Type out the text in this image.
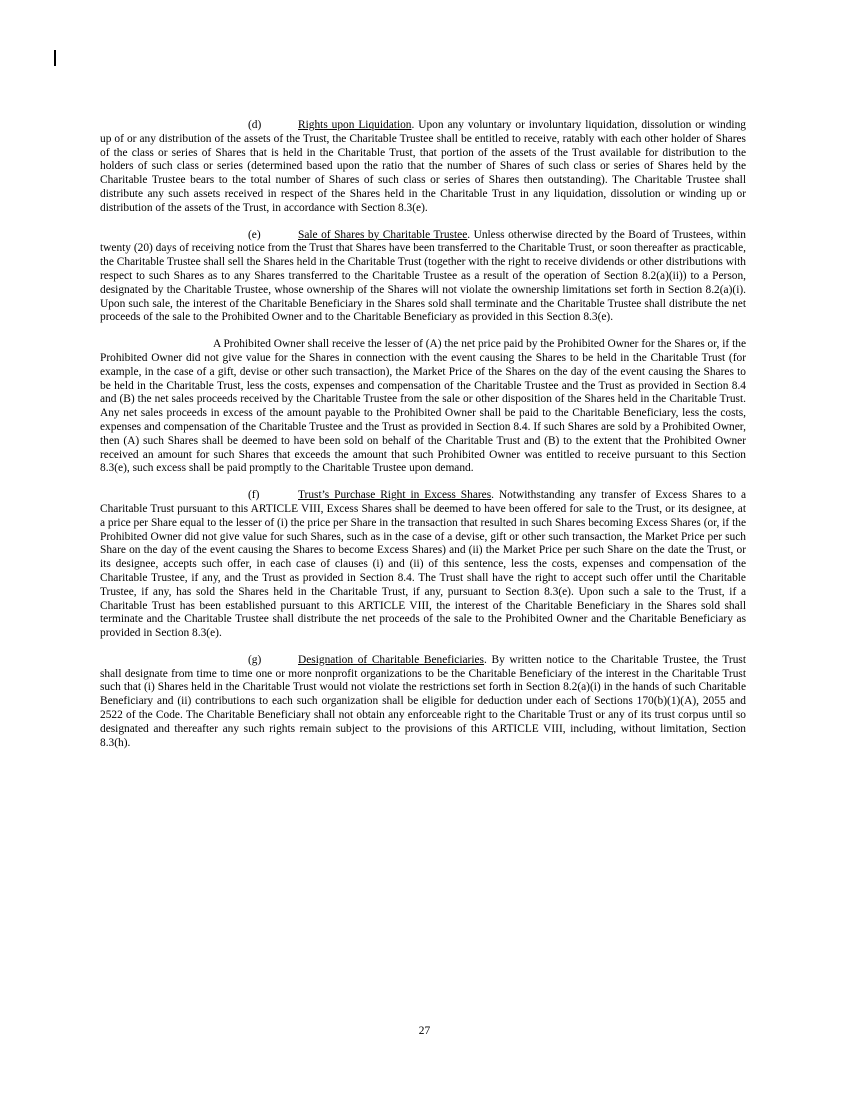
(d)	Rights upon Liquidation. Upon any voluntary or involuntary liquidation, dissolution or winding up of or any distribution of the assets of the Trust, the Charitable Trustee shall be entitled to receive, ratably with each other holder of Shares of the class or series of Shares that is held in the Charitable Trust, that portion of the assets of the Trust available for distribution to the holders of such class or series (determined based upon the ratio that the number of Shares of such class or series of Shares held by the Charitable Trustee bears to the total number of Shares of such class or series of Shares then outstanding). The Charitable Trustee shall distribute any such assets received in respect of the Shares held in the Charitable Trust in any liquidation, dissolution or winding up or distribution of the assets of the Trust, in accordance with Section 8.3(e).

(e)	Sale of Shares by Charitable Trustee. Unless otherwise directed by the Board of Trustees, within twenty (20) days of receiving notice from the Trust that Shares have been transferred to the Charitable Trust, or soon thereafter as practicable, the Charitable Trustee shall sell the Shares held in the Charitable Trust (together with the right to receive dividends or other distributions with respect to such Shares as to any Shares transferred to the Charitable Trustee as a result of the operation of Section 8.2(a)(ii)) to a Person, designated by the Charitable Trustee, whose ownership of the Shares will not violate the ownership limitations set forth in Section 8.2(a)(i). Upon such sale, the interest of the Charitable Beneficiary in the Shares sold shall terminate and the Charitable Trustee shall distribute the net proceeds of the sale to the Prohibited Owner and to the Charitable Beneficiary as provided in this Section 8.3(e).

A Prohibited Owner shall receive the lesser of (A) the net price paid by the Prohibited Owner for the Shares or, if the Prohibited Owner did not give value for the Shares in connection with the event causing the Shares to be held in the Charitable Trust (for example, in the case of a gift, devise or other such transaction), the Market Price of the Shares on the day of the event causing the Shares to be held in the Charitable Trust, less the costs, expenses and compensation of the Charitable Trustee and the Trust as provided in Section 8.4 and (B) the net sales proceeds received by the Charitable Trustee from the sale or other disposition of the Shares held in the Charitable Trust. Any net sales proceeds in excess of the amount payable to the Prohibited Owner shall be paid to the Charitable Beneficiary, less the costs, expenses and compensation of the Charitable Trustee and the Trust as provided in Section 8.4. If such Shares are sold by a Prohibited Owner, then (A) such Shares shall be deemed to have been sold on behalf of the Charitable Trust and (B) to the extent that the Prohibited Owner received an amount for such Shares that exceeds the amount that such Prohibited Owner was entitled to receive pursuant to this Section 8.3(e), such excess shall be paid promptly to the Charitable Trustee upon demand.

(f)	Trust’s Purchase Right in Excess Shares. Notwithstanding any transfer of Excess Shares to a Charitable Trust pursuant to this ARTICLE VIII, Excess Shares shall be deemed to have been offered for sale to the Trust, or its designee, at a price per Share equal to the lesser of (i) the price per Share in the transaction that resulted in such Shares becoming Excess Shares (or, if the Prohibited Owner did not give value for such Shares, such as in the case of a devise, gift or other such transaction, the Market Price per such Share on the day of the event causing the Shares to become Excess Shares) and (ii) the Market Price per such Share on the date the Trust, or its designee, accepts such offer, in each case of clauses (i) and (ii) of this sentence, less the costs, expenses and compensation of the Charitable Trustee, if any, and the Trust as provided in Section 8.4. The Trust shall have the right to accept such offer until the Charitable Trustee, if any, has sold the Shares held in the Charitable Trust, if any, pursuant to Section 8.3(e). Upon such a sale to the Trust, if a Charitable Trust has been established pursuant to this ARTICLE VIII, the interest of the Charitable Beneficiary in the Shares sold shall terminate and the Charitable Trustee shall distribute the net proceeds of the sale to the Prohibited Owner and the Charitable Beneficiary as provided in Section 8.3(e).

(g)	Designation of Charitable Beneficiaries. By written notice to the Charitable Trustee, the Trust shall designate from time to time one or more nonprofit organizations to be the Charitable Beneficiary of the interest in the Charitable Trust such that (i) Shares held in the Charitable Trust would not violate the restrictions set forth in Section 8.2(a)(i) in the hands of such Charitable Beneficiary and (ii) contributions to each such organization shall be eligible for deduction under each of Sections 170(b)(1)(A), 2055 and 2522 of the Code. The Charitable Beneficiary shall not obtain any enforceable right to the Charitable Trust or any of its trust corpus until so designated and thereafter any such rights remain subject to the provisions of this ARTICLE VIII, including, without limitation, Section 8.3(h).

27
